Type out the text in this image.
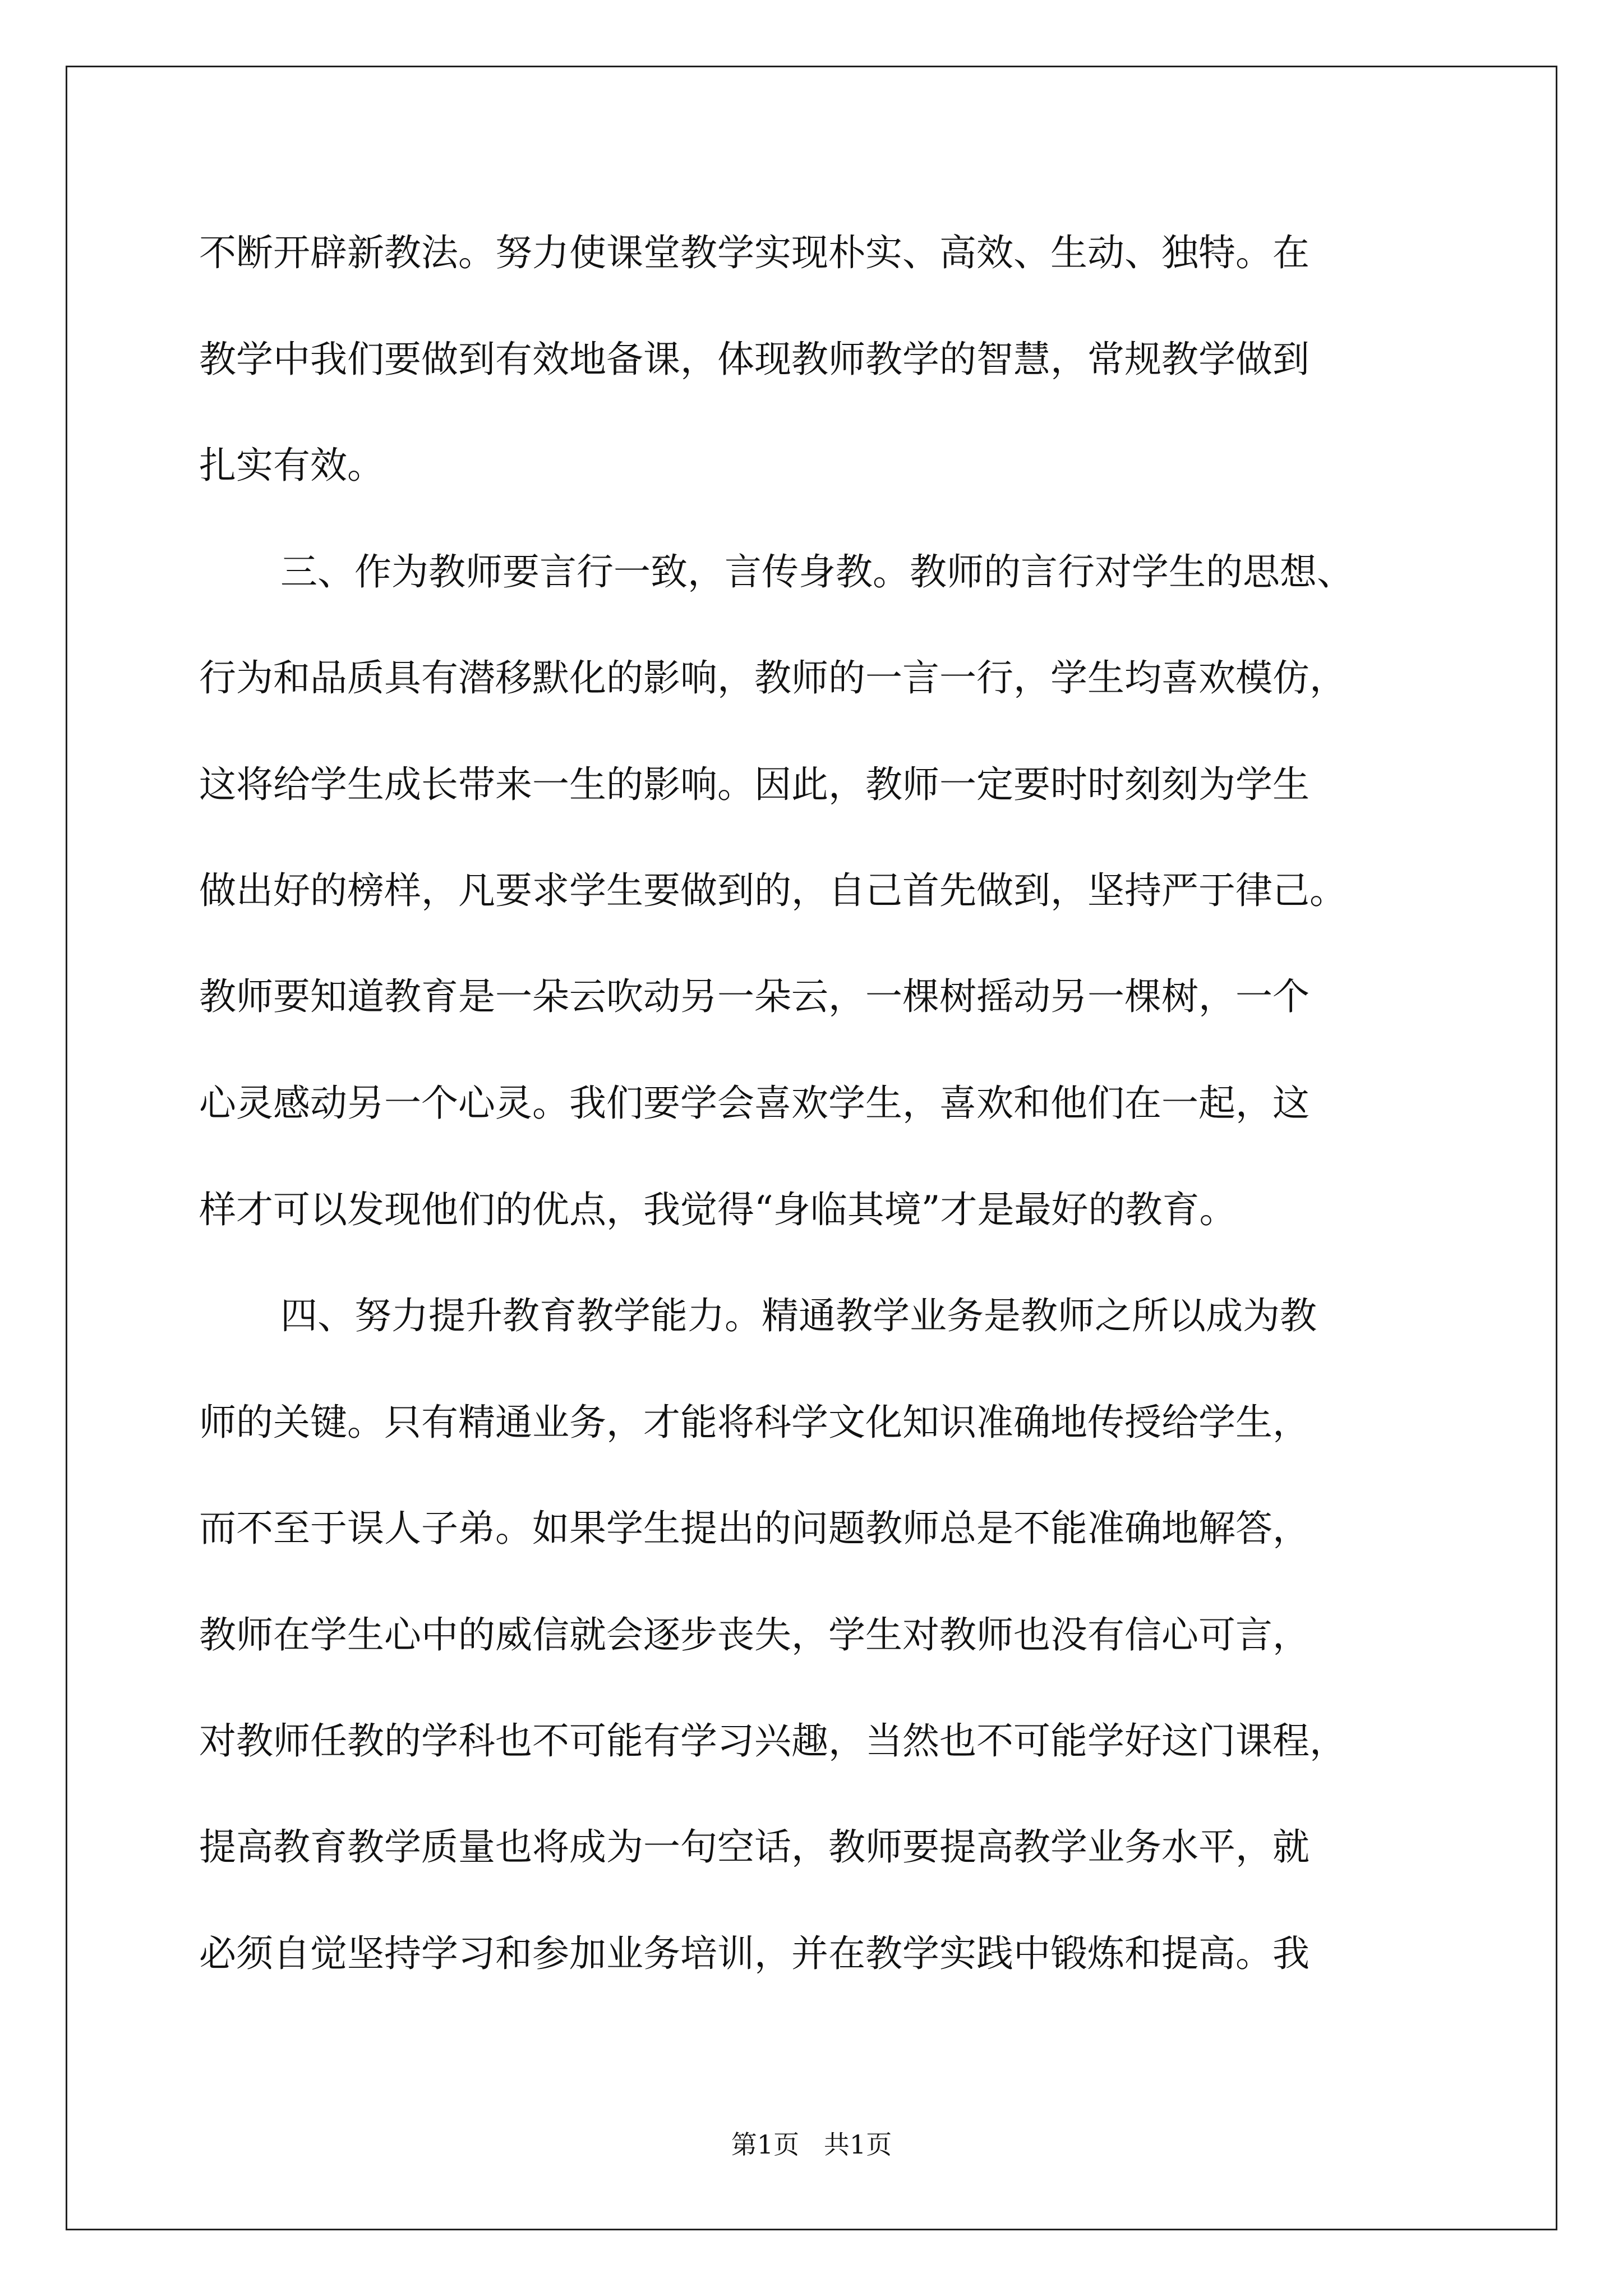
不断开辟新教法。努力使课堂教学实现朴实、高效、生动、独特。在

教学中我们要做到有效地备课，体现教师教学的智慧，常规教学做到

扎实有效。

三、作为教师要言行一致，言传身教。教师的言行对学生的思想、

行为和品质具有潜移默化的影响，教师的一言一行，学生均喜欢模仿，

这将给学生成长带来一生的影响。因此，教师一定要时时刻刻为学生

做出好的榜样，凡要求学生要做到的，自己首先做到，坚持严于律己。

教师要知道教育是一朵云吹动另一朵云，一棵树摇动另一棵树，一个

心灵感动另一个心灵。我们要学会喜欢学生，喜欢和他们在一起，这

样才可以发现他们的优点，我觉得“身临其境”才是最好的教育。

四、努力提升教育教学能力。精通教学业务是教师之所以成为教

师的关键。只有精通业务，才能将科学文化知识准确地传授给学生，

而不至于误人子弟。如果学生提出的问题教师总是不能准确地解答，

教师在学生心中的威信就会逐步丧失，学生对教师也没有信心可言，

对教师任教的学科也不可能有学习兴趣，当然也不可能学好这门课程，

提高教育教学质量也将成为一句空话，教师要提高教学业务水平，就

必须自觉坚持学习和参加业务培训，并在教学实践中锻炼和提高。我

第1页   共1页
